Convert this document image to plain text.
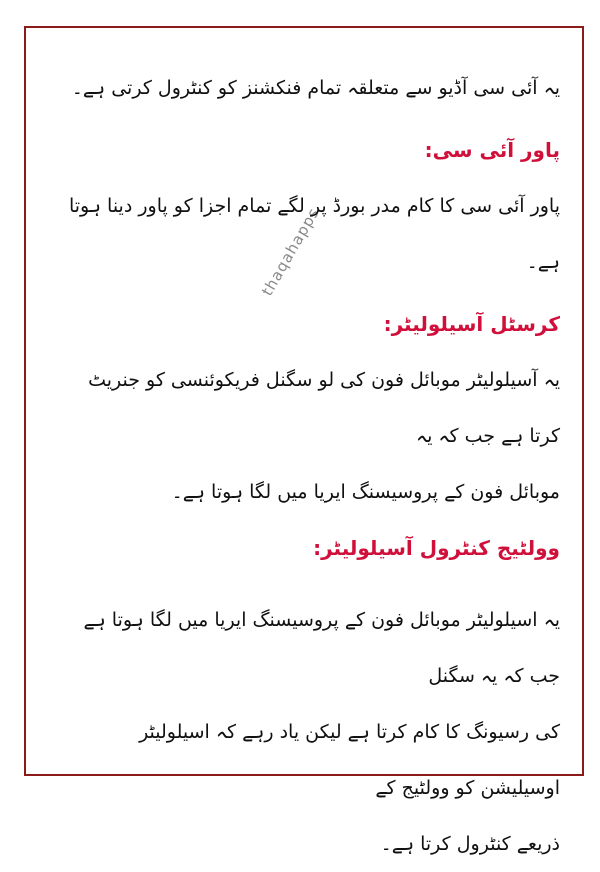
یہ آئی سی آڈیو سے متعلقہ تمام فنکشنز کو کنٹرول کرتی ہے۔

پاور آئی سی:

پاور آئی سی کا کام مدر بورڈ پر لگے تمام اجزا کو پاور دینا ہوتا ہے۔

کرسٹل آسیلولیٹر:

یہ آسیلولیٹر موبائل فون کی لو سگنل فریکوئنسی کو جنریٹ کرتا ہے جب کہ یہ

موبائل فون کے پروسیسنگ ایریا میں لگا ہوتا ہے۔

وولٹیج کنٹرول آسیلولیٹر:

یہ اسیلولیٹر موبائل فون کے پروسیسنگ ایریا میں لگا ہوتا ہے جب کہ یہ سگنل

کی رسیونگ کا کام کرتا ہے لیکن یاد رہے کہ اسیلولیٹر اوسیلیشن کو وولٹیج کے

ذریعے کنٹرول کرتا ہے۔

thaqahapps
